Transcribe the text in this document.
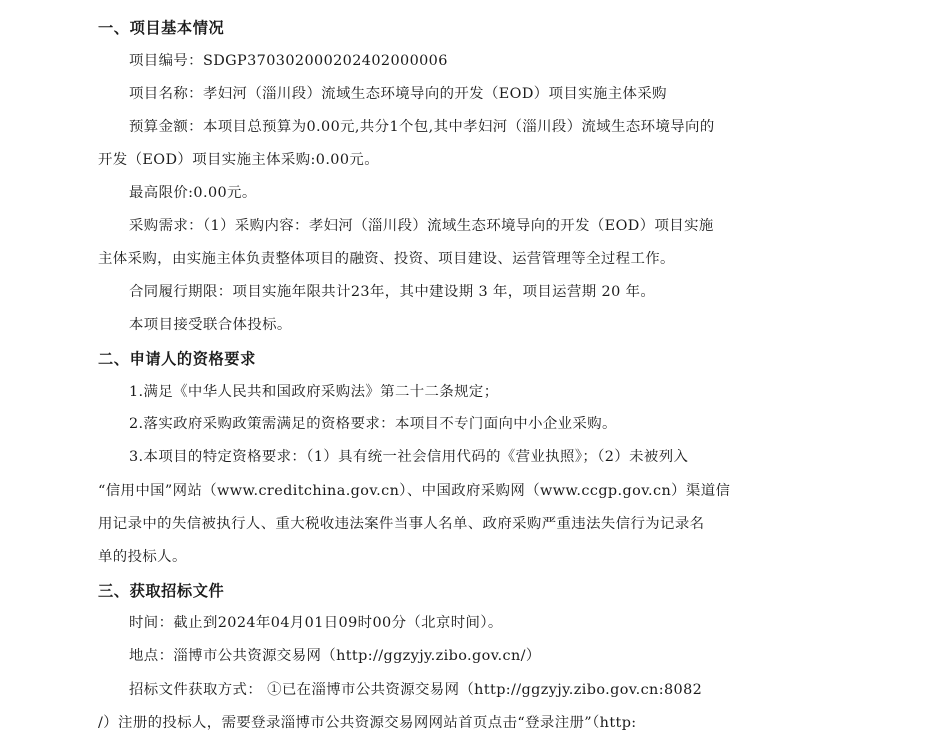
一、项目基本情况
项目编号：SDGP370302000202402000006
项目名称：孝妇河（淄川段）流域生态环境导向的开发（EOD）项目实施主体采购
预算金额：本项目总预算为0.00元,共分1个包,其中孝妇河（淄川段）流域生态环境导向的
开发（EOD）项目实施主体采购:0.00元。
最高限价:0.00元。
采购需求：（1）采购内容：孝妇河（淄川段）流域生态环境导向的开发（EOD）项目实施
主体采购，由实施主体负责整体项目的融资、投资、项目建设、运营管理等全过程工作。
合同履行期限：项目实施年限共计23年，其中建设期 3 年，项目运营期 20 年。
本项目接受联合体投标。
二、申请人的资格要求
1.满足《中华人民共和国政府采购法》第二十二条规定；
2.落实政府采购政策需满足的资格要求：本项目不专门面向中小企业采购。
3.本项目的特定资格要求：（1）具有统一社会信用代码的《营业执照》；（2）未被列入
“信用中国”网站（www.creditchina.gov.cn）、中国政府采购网（www.ccgp.gov.cn）渠道信
用记录中的失信被执行人、重大税收违法案件当事人名单、政府采购严重违法失信行为记录名
单的投标人。
三、获取招标文件
时间：截止到2024年04月01日09时00分（北京时间）。
地点：淄博市公共资源交易网（http://ggzyjy.zibo.gov.cn/）
招标文件获取方式： ①已在淄博市公共资源交易网（http://ggzyjy.zibo.gov.cn:8082
/）注册的投标人，需要登录淄博市公共资源交易网网站首页点击“登录注册”（http:
